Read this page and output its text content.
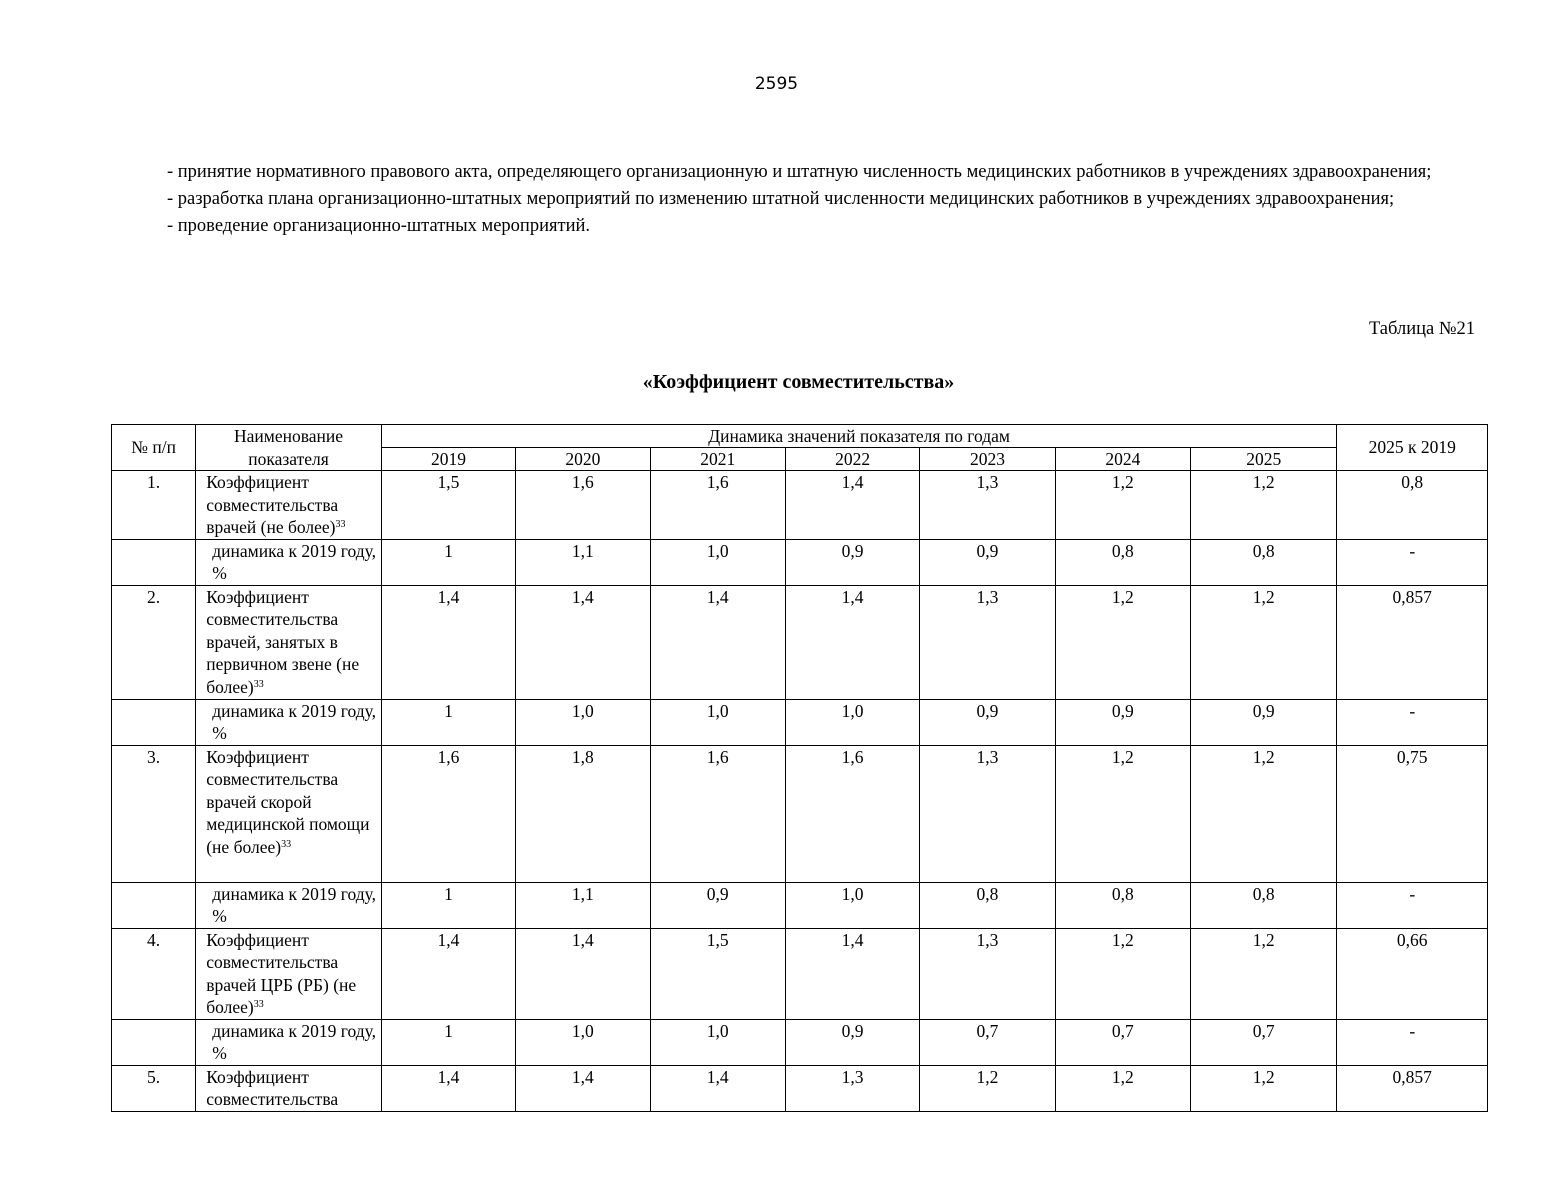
2595

- принятие нормативного правового акта, определяющего организационную и штатную численность медицинских работников в учреждениях здравоохранения;

- разработка плана организационно-штатных мероприятий по изменению штатной численности медицинских работников в учреждениях здравоохранения;

- проведение организационно-штатных мероприятий.

Таблица №21
«Коэффициент совместительства»
№ п/п	Наименование показателя	Динамика значений показателя по годам							2025 к 2019
		2019	2020	2021	2022	2023	2024	2025	
1.	Коэффициент совместительства врачей (не более)$^{33}$	1,5	1,6	1,6	1,4	1,3	1,2	1,2	0,8
	динамика к 2019 году, %	1	1,1	1,0	0,9	0,9	0,8	0,8	-
2.	Коэффициент совместительства врачей, занятых в первичном звене (не более)$^{33}$	1,4	1,4	1,4	1,4	1,3	1,2	1,2	0,857
	динамика к 2019 году, %	1	1,0	1,0	1,0	0,9	0,9	0,9	-
3.	Коэффициент совместительства врачей скорой медицинской помощи (не более)$^{33}$	1,6	1,8	1,6	1,6	1,3	1,2	1,2	0,75
	динамика к 2019 году, %	1	1,1	0,9	1,0	0,8	0,8	0,8	-
4.	Коэффициент совместительства врачей ЦРБ (РБ) (не более)$^{33}$	1,4	1,4	1,5	1,4	1,3	1,2	1,2	0,66
	динамика к 2019 году, %	1	1,0	1,0	0,9	0,7	0,7	0,7	-
5.	Коэффициент совместительства	1,4	1,4	1,4	1,3	1,2	1,2	1,2	0,857
